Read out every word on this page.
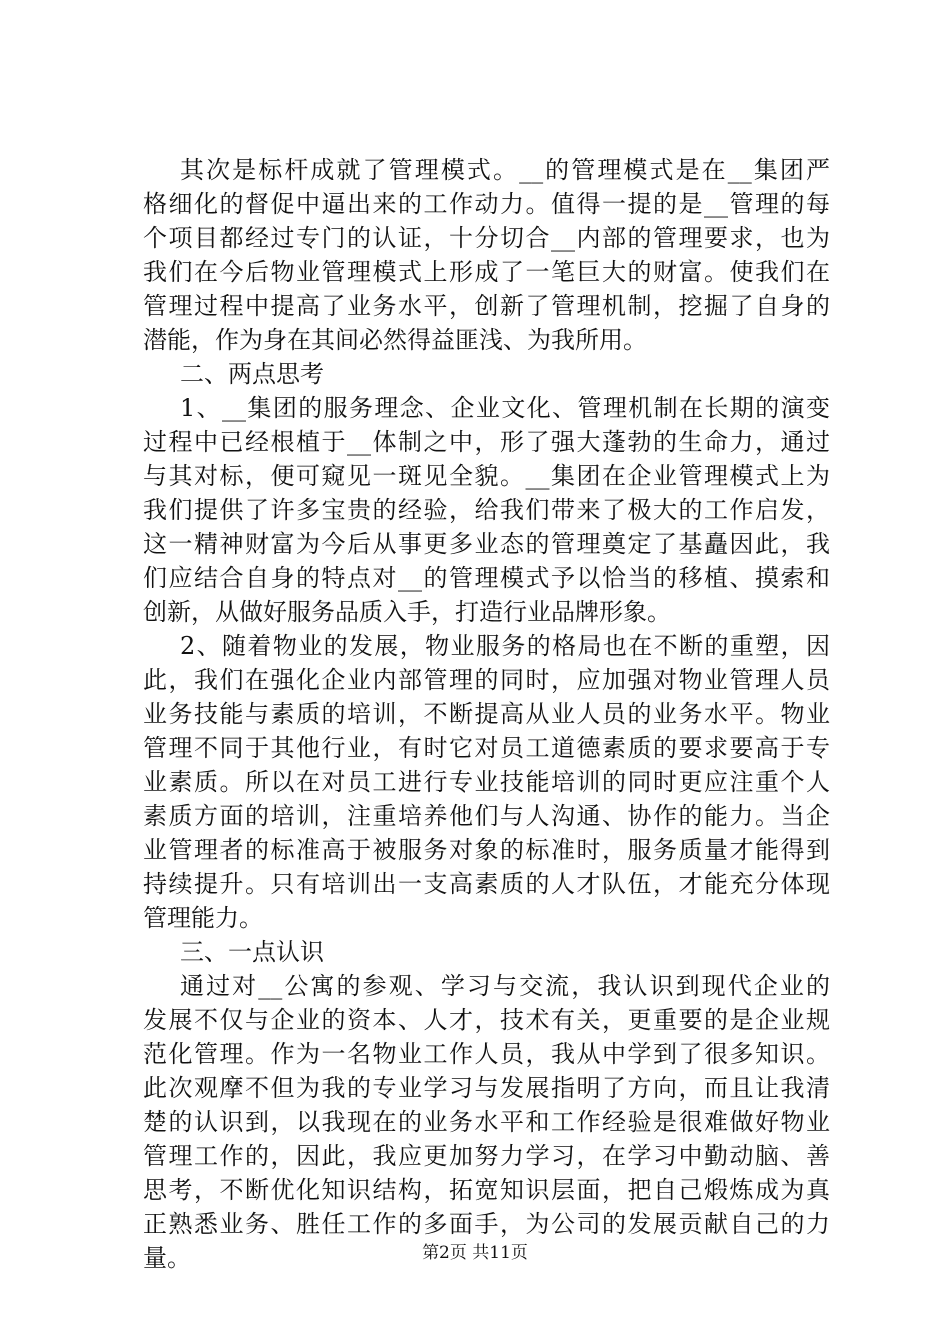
其次是标杆成就了管理模式。__的管理模式是在__集团严
格细化的督促中逼出来的工作动力。值得一提的是__管理的每
个项目都经过专门的认证，十分切合__内部的管理要求，也为
我们在今后物业管理模式上形成了一笔巨大的财富。使我们在
管理过程中提高了业务水平，创新了管理机制，挖掘了自身的
潜能，作为身在其间必然得益匪浅、为我所用。
二、两点思考
1、__集团的服务理念、企业文化、管理机制在长期的演变
过程中已经根植于__体制之中，形了强大蓬勃的生命力，通过
与其对标，便可窥见一斑见全貌。__集团在企业管理模式上为
我们提供了许多宝贵的经验，给我们带来了极大的工作启发，
这一精神财富为今后从事更多业态的管理奠定了基矗因此，我
们应结合自身的特点对__的管理模式予以恰当的移植、摸索和
创新，从做好服务品质入手，打造行业品牌形象。
2、随着物业的发展，物业服务的格局也在不断的重塑，因
此，我们在强化企业内部管理的同时，应加强对物业管理人员
业务技能与素质的培训，不断提高从业人员的业务水平。物业
管理不同于其他行业，有时它对员工道德素质的要求要高于专
业素质。所以在对员工进行专业技能培训的同时更应注重个人
素质方面的培训，注重培养他们与人沟通、协作的能力。当企
业管理者的标准高于被服务对象的标准时，服务质量才能得到
持续提升。只有培训出一支高素质的人才队伍，才能充分体现
管理能力。
三、一点认识
通过对__公寓的参观、学习与交流，我认识到现代企业的
发展不仅与企业的资本、人才，技术有关，更重要的是企业规
范化管理。作为一名物业工作人员，我从中学到了很多知识。
此次观摩不但为我的专业学习与发展指明了方向，而且让我清
楚的认识到，以我现在的业务水平和工作经验是很难做好物业
管理工作的，因此，我应更加努力学习，在学习中勤动脑、善
思考，不断优化知识结构，拓宽知识层面，把自己煅炼成为真
正熟悉业务、胜任工作的多面手，为公司的发展贡献自己的力
量。	第2页 共11页
